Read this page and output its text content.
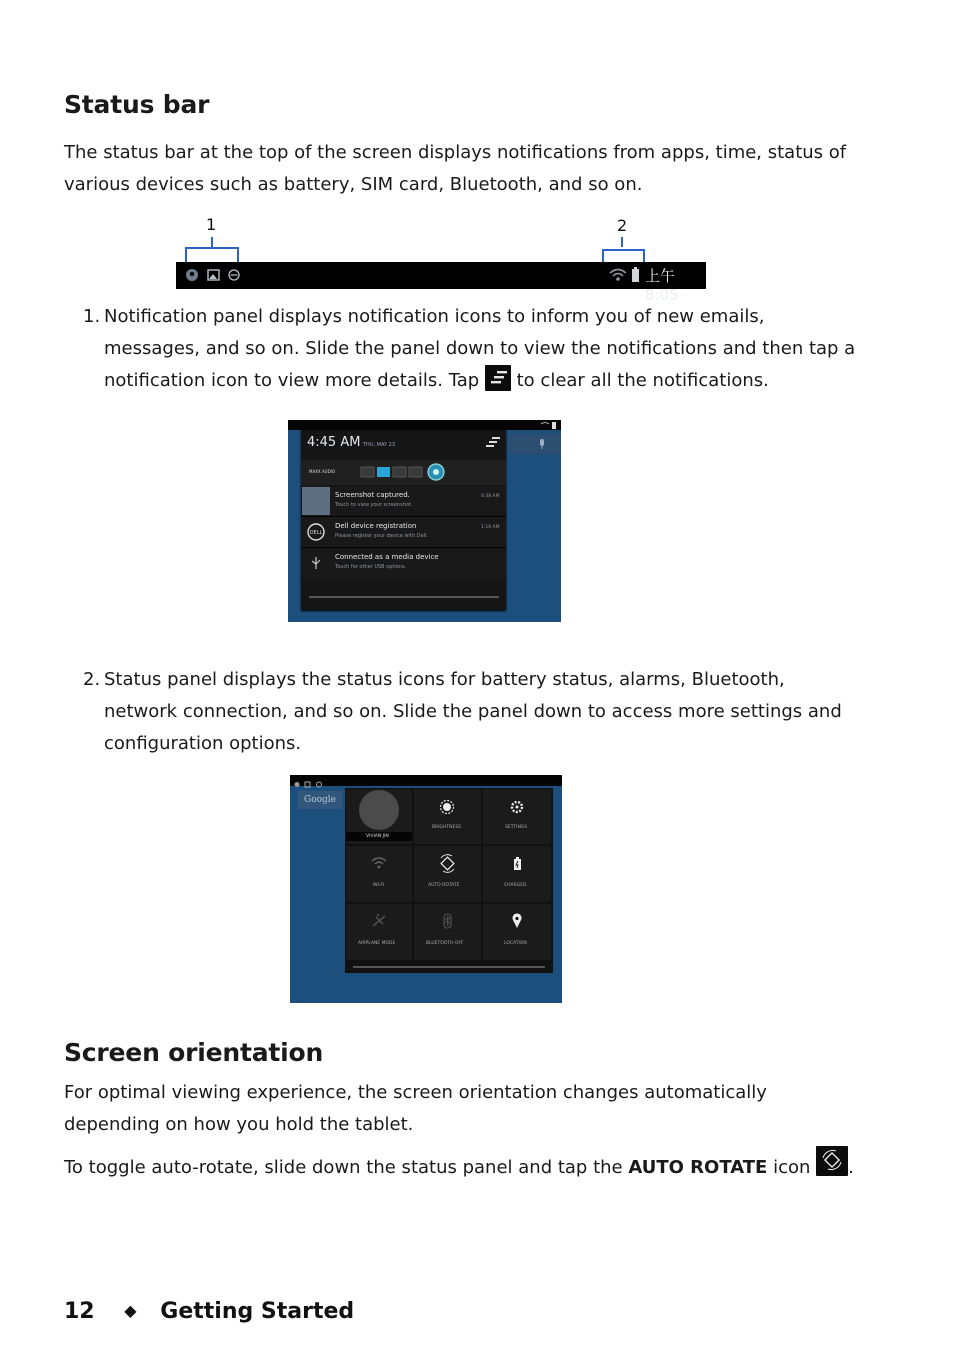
Status bar

The status bar at the top of the screen displays notifications from apps, time, status of various devices such as battery, SIM card, Bluetooth, and so on.

1	2
上午8:05
1. Notification panel displays notification icons to inform you of new emails, messages, and so on. Slide the panel down to view the notifications and then tap a notification icon to view more details. Tap
to clear all the notifications.
4:45 AM THU, MAY 23
MAXX AUDIO
Screenshot captured.
Touch to view your screenshot.
4:38 AM
DELL
Dell device registration
Please register your device with Dell.
1:16 AM
Connected as a media device
Touch for other USB options.
2. Status panel displays the status icons for battery status, alarms, Bluetooth, network connection, and so on. Slide the panel down to access more settings and configuration options.
Google
VIVIAN JIN
BRIGHTNESS	SETTINGS
WI-FI	AUTO ROTATE	CHARGED
AIRPLANE MODE	BLUETOOTH OFF	LOCATION
Screen orientation

For optimal viewing experience, the screen orientation changes automatically depending on how you hold the tablet.

To toggle auto-rotate, slide down the status panel and tap the AUTO ROTATE icon .

12 ◆ Getting Started
